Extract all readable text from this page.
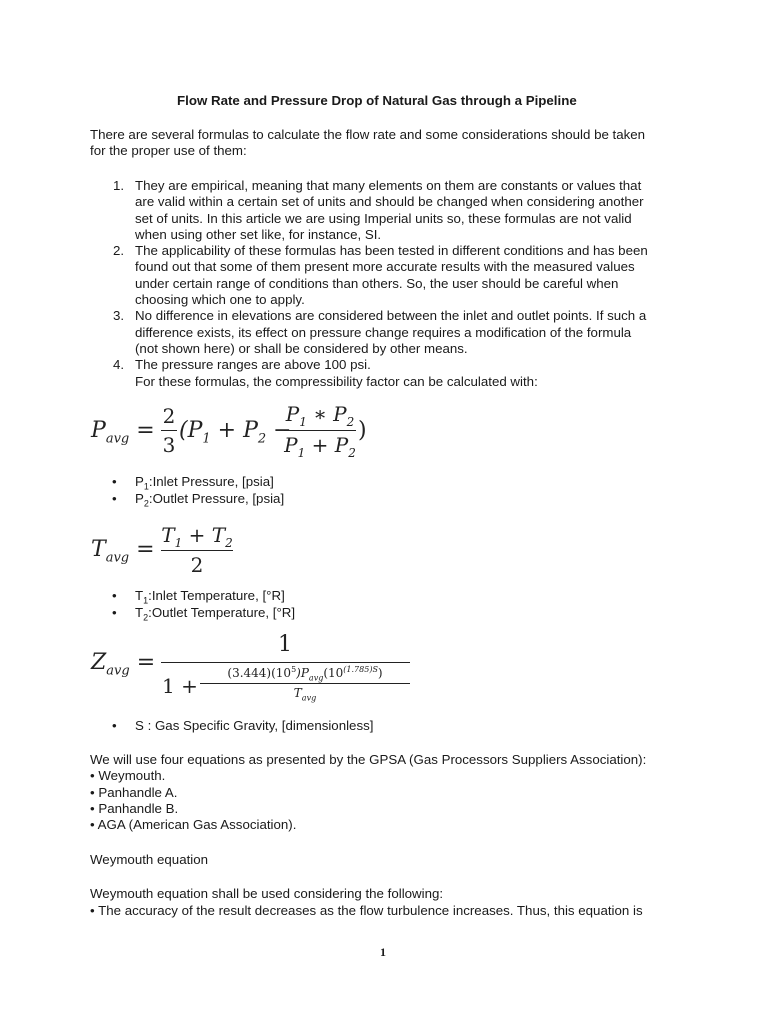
Flow Rate and Pressure Drop of Natural Gas through a Pipeline
There are several formulas to calculate the flow rate and some considerations should be taken
for the proper use of them:
1. They are empirical, meaning that many elements on them are constants or values that
are valid within a certain set of units and should be changed when considering another
set of units. In this article we are using Imperial units so, these formulas are not valid
when using other set like, for instance, SI.
2. The applicability of these formulas has been tested in different conditions and has been
found out that some of them present more accurate results with the measured values
under certain range of conditions than others. So, the user should be careful when
choosing which one to apply.
3. No difference in elevations are considered between the inlet and outlet points. If such a
difference exists, its effect on pressure change requires a modification of the formula
(not shown here) or shall be considered by other means.
4. The pressure ranges are above 100 psi.
For these formulas, the compressibility factor can be calculated with:
$P_{avg}$ =
2
3
($P_1 + P_2$ −
$P_1$ ∗ $P_2$
$P_1 + P_2$
)
• $P_1:Inlet$ Pressure, [psia]
• $P_2:Outlet$ Pressure, [psia]
$T_{avg}$ =
$T_1 + T_2$
2
• $T_1:Inlet$ Temperature, [°R]
• $T_2:Outlet$ Temperature, [°R]
$Z_{avg}$ =
1
1 +
$(3.444)(10^5)P_{avg}(10^{(1.785)S})$
$T_{avg}$
• S : Gas Specific Gravity, [dimensionless]
We will use four equations as presented by the GPSA (Gas Processors Suppliers Association):
• Weymouth.
• Panhandle A.
• Panhandle B.
• AGA (American Gas Association).
Weymouth equation
Weymouth equation shall be used considering the following:
• The accuracy of the result decreases as the flow turbulence increases. Thus, this equation is
1
